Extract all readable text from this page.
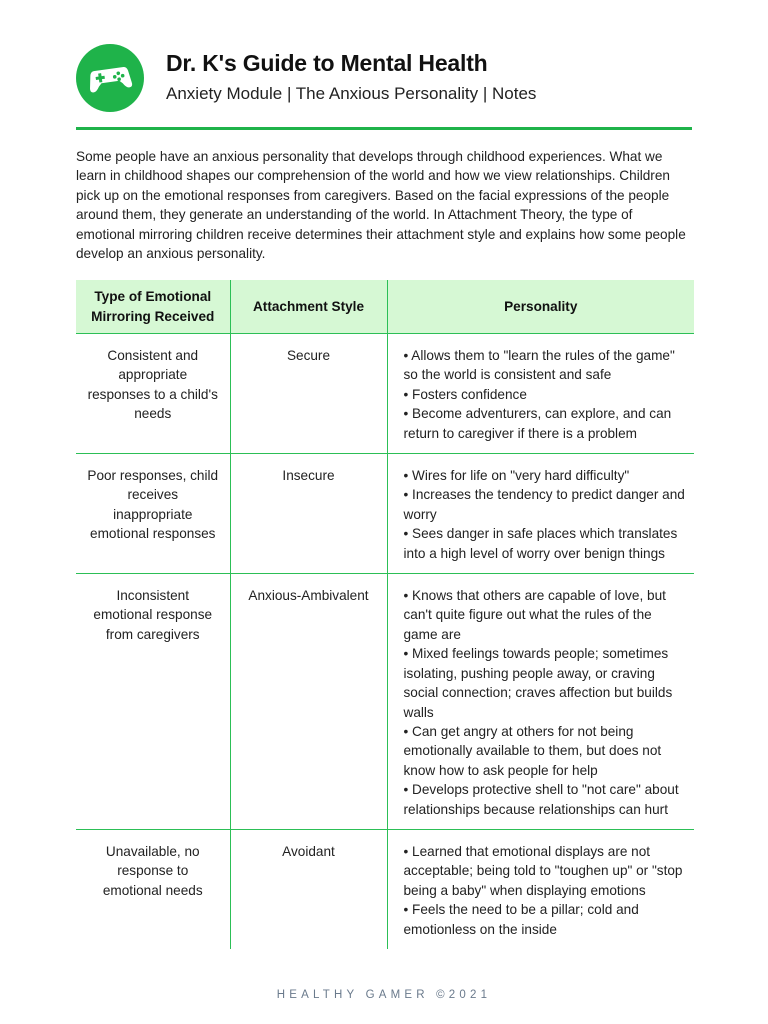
Dr. K's Guide to Mental Health
Anxiety Module | The Anxious Personality | Notes

Some people have an anxious personality that develops through childhood experiences. What we learn in childhood shapes our comprehension of the world and how we view relationships. Children pick up on the emotional responses from caregivers. Based on the facial expressions of the people around them, they generate an understanding of the world. In Attachment Theory, the type of emotional mirroring children receive determines their attachment style and explains how some people develop an anxious personality.

Type of Emotional Mirroring Received	Attachment Style	Personality
Consistent and appropriate responses to a child's needs	Secure	• Allows them to "learn the rules of the game" so the world is consistent and safe
• Fosters confidence
• Become adventurers, can explore, and can return to caregiver if there is a problem

Poor responses, child receives inappropriate emotional responses	Insecure	• Wires for life on "very hard difficulty"
• Increases the tendency to predict danger and worry
• Sees danger in safe places which translates into a high level of worry over benign things

Inconsistent emotional response from caregivers	Anxious-Ambivalent	• Knows that others are capable of love, but can't quite figure out what the rules of the game are
• Mixed feelings towards people; sometimes isolating, pushing people away, or craving social connection; craves affection but builds walls
• Can get angry at others for not being emotionally available to them, but does not know how to ask people for help
• Develops protective shell to "not care" about relationships because relationships can hurt

Unavailable, no response to emotional needs	Avoidant	• Learned that emotional displays are not acceptable; being told to "toughen up" or "stop being a baby" when displaying emotions
• Feels the need to be a pillar; cold and emotionless on the inside
HEALTHY GAMER ©2021
